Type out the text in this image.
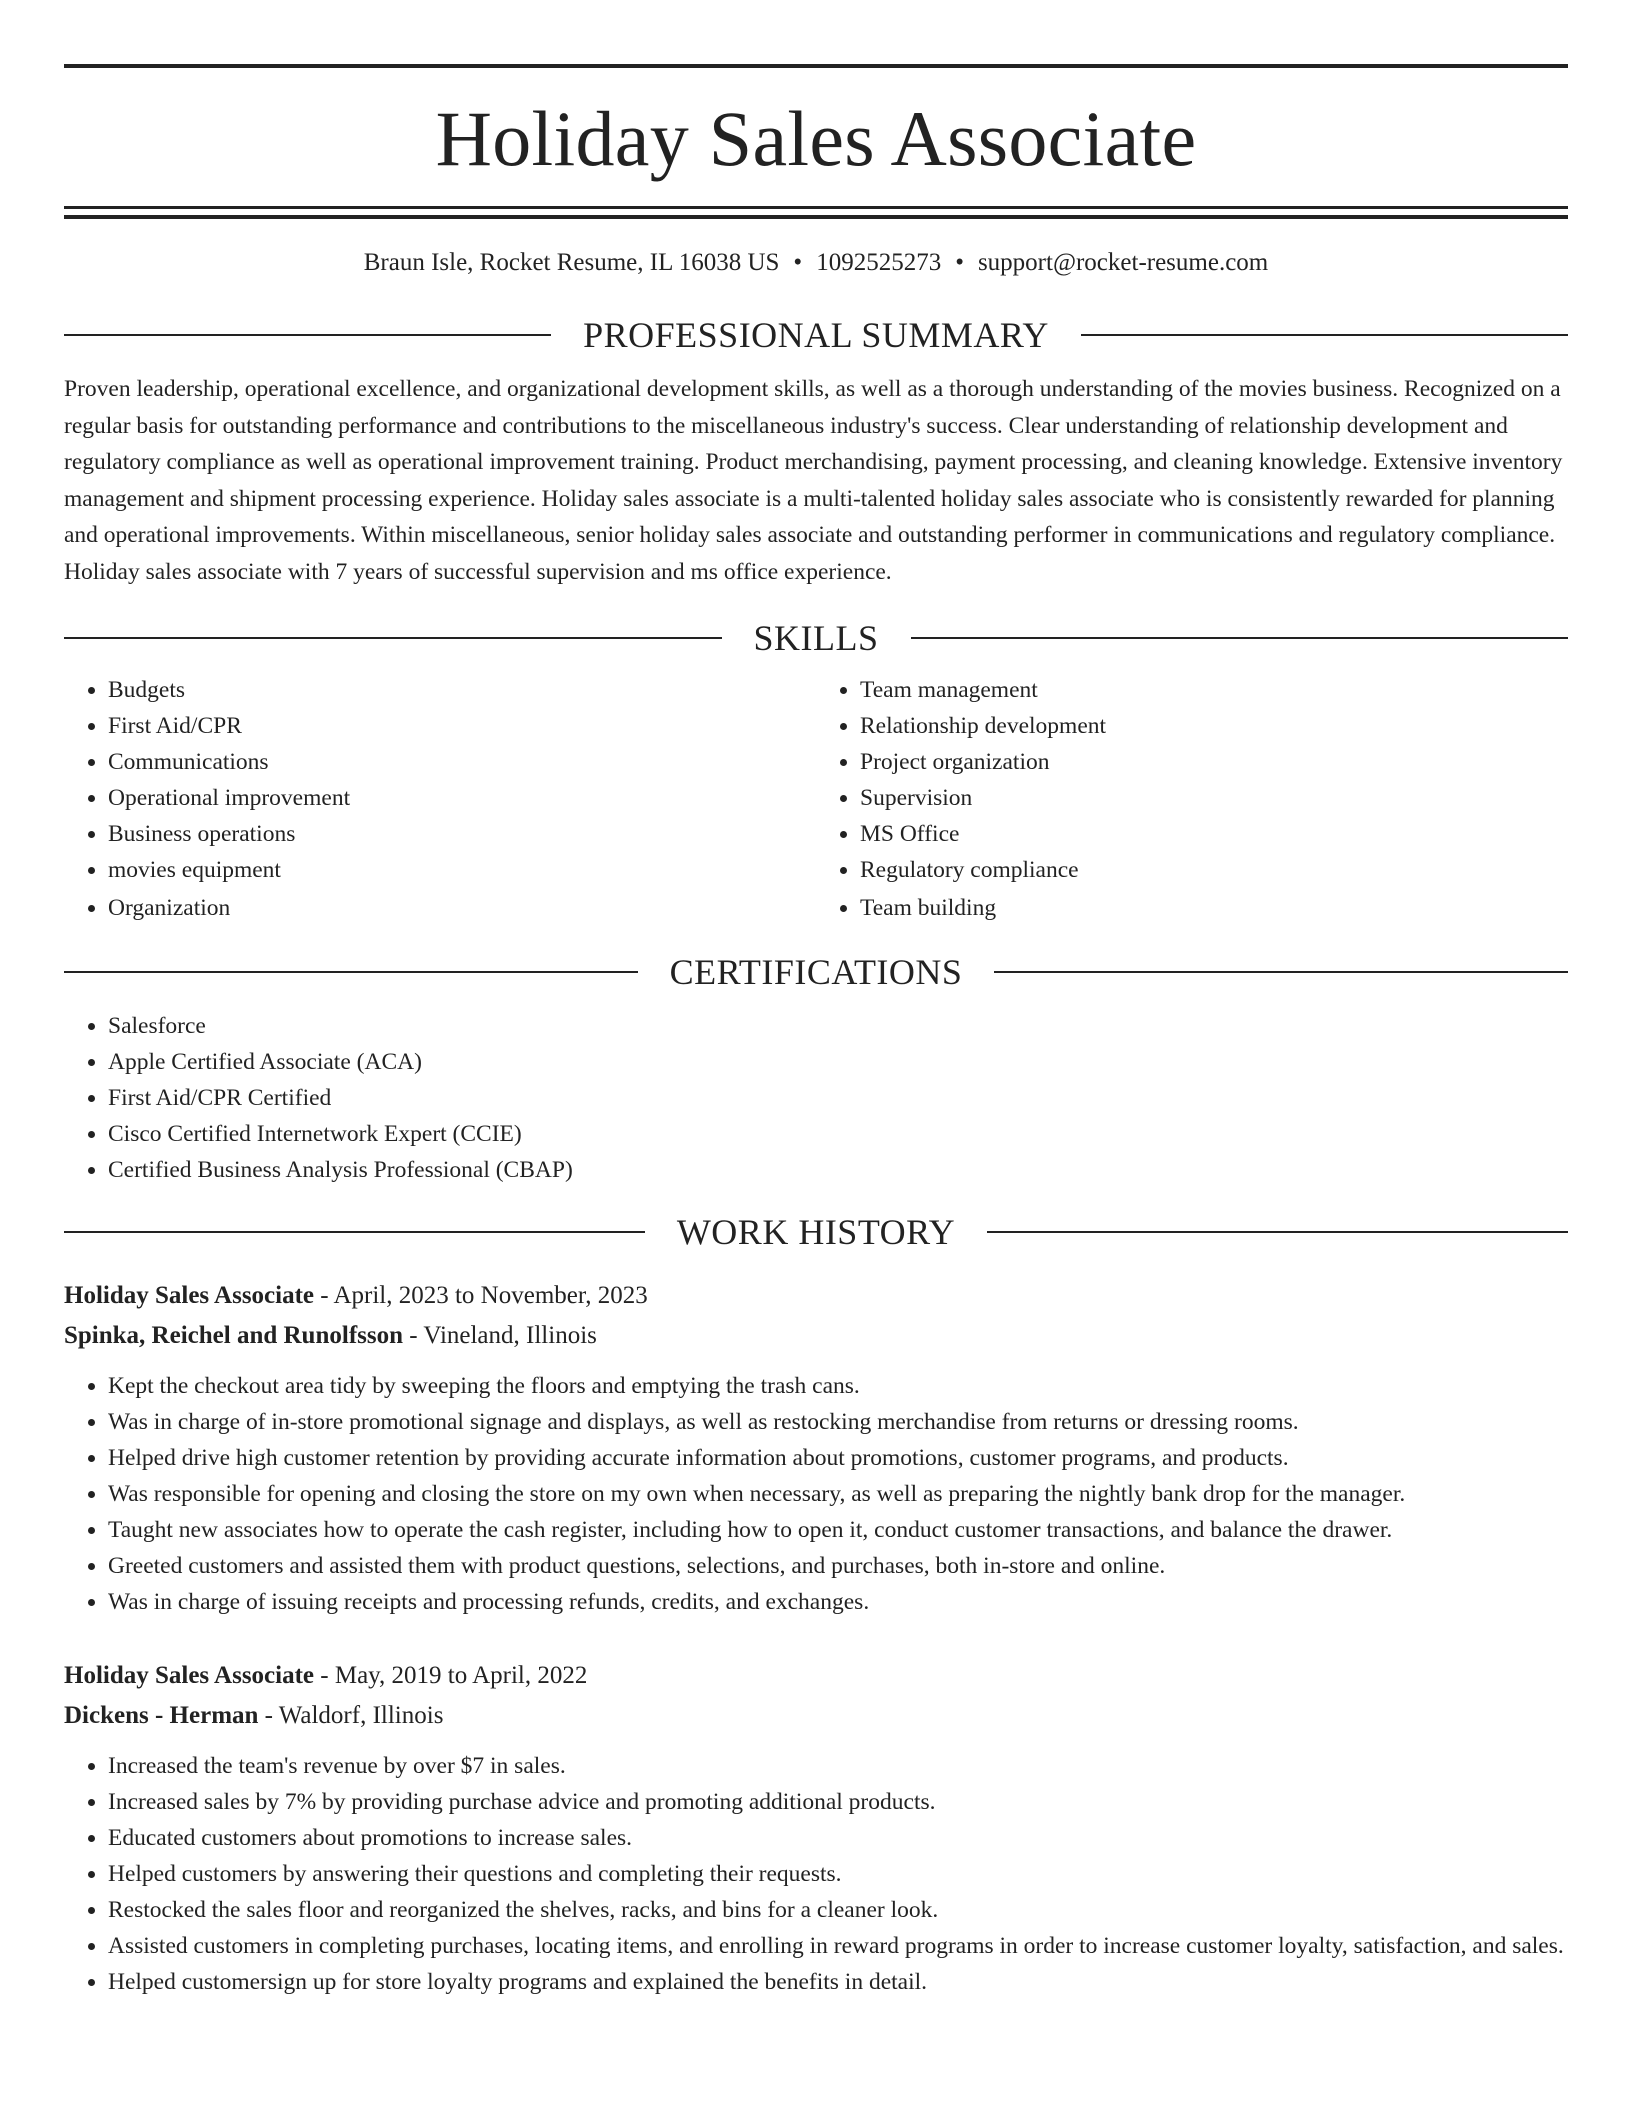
Holiday Sales Associate
Braun Isle, Rocket Resume, IL 16038 US • 1092525273 • support@rocket-resume.com
PROFESSIONAL SUMMARY
Proven leadership, operational excellence, and organizational development skills, as well as a thorough understanding of the movies business. Recognized on a regular basis for outstanding performance and contributions to the miscellaneous industry's success. Clear understanding of relationship development and regulatory compliance as well as operational improvement training. Product merchandising, payment processing, and cleaning knowledge. Extensive inventory management and shipment processing experience. Holiday sales associate is a multi-talented holiday sales associate who is consistently rewarded for planning and operational improvements. Within miscellaneous, senior holiday sales associate and outstanding performer in communications and regulatory compliance. Holiday sales associate with 7 years of successful supervision and ms office experience.
SKILLS
• Budgets
• First Aid/CPR
• Communications
• Operational improvement
• Business operations
• movies equipment
• Organization
• Team management
• Relationship development
• Project organization
• Supervision
• MS Office
• Regulatory compliance
• Team building
CERTIFICATIONS
• Salesforce
• Apple Certified Associate (ACA)
• First Aid/CPR Certified
• Cisco Certified Internetwork Expert (CCIE)
• Certified Business Analysis Professional (CBAP)
WORK HISTORY
Holiday Sales Associate - April, 2023 to November, 2023
Spinka, Reichel and Runolfsson - Vineland, Illinois
• Kept the checkout area tidy by sweeping the floors and emptying the trash cans.
• Was in charge of in-store promotional signage and displays, as well as restocking merchandise from returns or dressing rooms.
• Helped drive high customer retention by providing accurate information about promotions, customer programs, and products.
• Was responsible for opening and closing the store on my own when necessary, as well as preparing the nightly bank drop for the manager.
• Taught new associates how to operate the cash register, including how to open it, conduct customer transactions, and balance the drawer.
• Greeted customers and assisted them with product questions, selections, and purchases, both in-store and online.
• Was in charge of issuing receipts and processing refunds, credits, and exchanges.
Holiday Sales Associate - May, 2019 to April, 2022
Dickens - Herman - Waldorf, Illinois
• Increased the team's revenue by over $7 in sales.
• Increased sales by 7% by providing purchase advice and promoting additional products.
• Educated customers about promotions to increase sales.
• Helped customers by answering their questions and completing their requests.
• Restocked the sales floor and reorganized the shelves, racks, and bins for a cleaner look.
• Assisted customers in completing purchases, locating items, and enrolling in reward programs in order to increase customer loyalty, satisfaction, and sales.
• Helped customersign up for store loyalty programs and explained the benefits in detail.
